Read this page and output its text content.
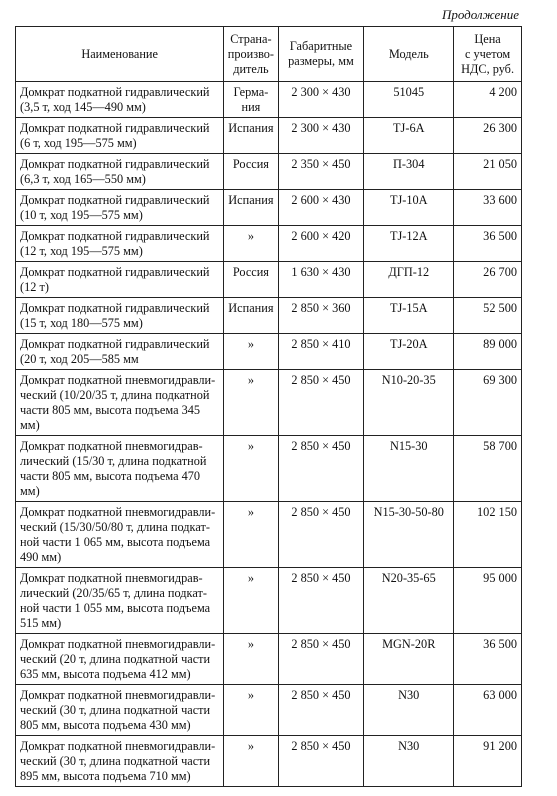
Продолжение
Наименование	Страна-
произво-
дитель	Габаритные
размеры, мм	Модель	Цена
с учетом
НДС, руб.
Домкрат подкатной гидравлический
(3,5 т, ход 145—490 мм)	Герма-
ния	2 300 × 430	51045	4 200
Домкрат подкатной гидравлический
(6 т, ход 195—575 мм)	Испания	2 300 × 430	TJ-6A	26 300
Домкрат подкатной гидравлический
(6,3 т, ход 165—550 мм)	Россия	2 350 × 450	П-304	21 050
Домкрат подкатной гидравлический
(10 т, ход 195—575 мм)	Испания	2 600 × 430	TJ-10A	33 600
Домкрат подкатной гидравлический
(12 т, ход 195—575 мм)	»	2 600 × 420	TJ-12A	36 500
Домкрат подкатной гидравлический
(12 т)	Россия	1 630 × 430	ДГП-12	26 700
Домкрат подкатной гидравлический
(15 т, ход 180—575 мм)	Испания	2 850 × 360	TJ-15A	52 500
Домкрат подкатной гидравлический
(20 т, ход 205—585 мм	»	2 850 × 410	TJ-20A	89 000
Домкрат подкатной пневмогидравли-
ческий (10/20/35 т, длина подкатной
части 805 мм, высота подъема 345 мм)	»	2 850 × 450	N10-20-35	69 300
Домкрат подкатной пневмогидрав-
лический (15/30 т, длина подкатной
части 805 мм, высота подъема 470 мм)	»	2 850 × 450	N15-30	58 700
Домкрат подкатной пневмогидравли-
ческий (15/30/50/80 т, длина подкат-
ной части 1 065 мм, высота подъема
490 мм)	»	2 850 × 450	N15-30-50-80	102 150
Домкрат подкатной пневмогидрав-
лический (20/35/65 т, длина подкат-
ной части 1 055 мм, высота подъема
515 мм)	»	2 850 × 450	N20-35-65	95 000
Домкрат подкатной пневмогидравли-
ческий (20 т, длина подкатной части
635 мм, высота подъема 412 мм)	»	2 850 × 450	MGN-20R	36 500
Домкрат подкатной пневмогидравли-
ческий (30 т, длина подкатной части
805 мм, высота подъема 430 мм)	»	2 850 × 450	N30	63 000
Домкрат подкатной пневмогидравли-
ческий (30 т, длина подкатной части
895 мм, высота подъема 710 мм)	»	2 850 × 450	N30	91 200
